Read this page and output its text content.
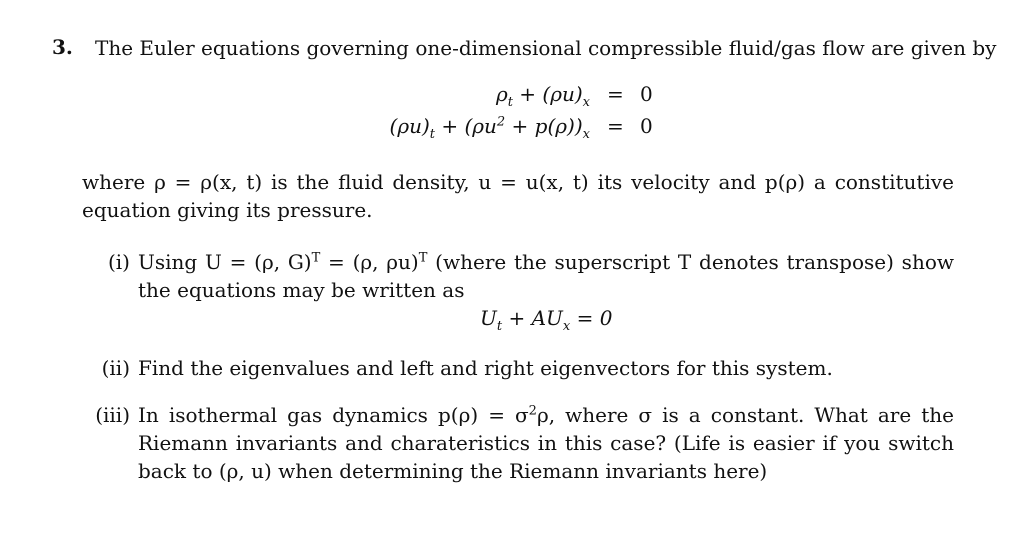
3. The Euler equations governing one-dimensional compressible fluid/gas flow are given by
$\rho_t + (\rho u)_x = 0$
$(\rho u)_t + (\rho u^2 + p(\rho))_x = 0$
where ρ = ρ(x, t) is the fluid density, u = u(x, t) its velocity and p(ρ) a constitutive equation giving its pressure.
(i) Using U = (ρ, G)$^T$ = (ρ, ρu)$^T$ (where the superscript T denotes transpose) show the equations may be written as
$U_t + AU_x = 0$
(ii) Find the eigenvalues and left and right eigenvectors for this system.
(iii) In isothermal gas dynamics $p(\rho) = \sigma^2\rho$, where σ is a constant. What are the Riemann invariants and charateristics in this case? (Life is easier if you switch back to (ρ, u) when determining the Riemann invariants here)
